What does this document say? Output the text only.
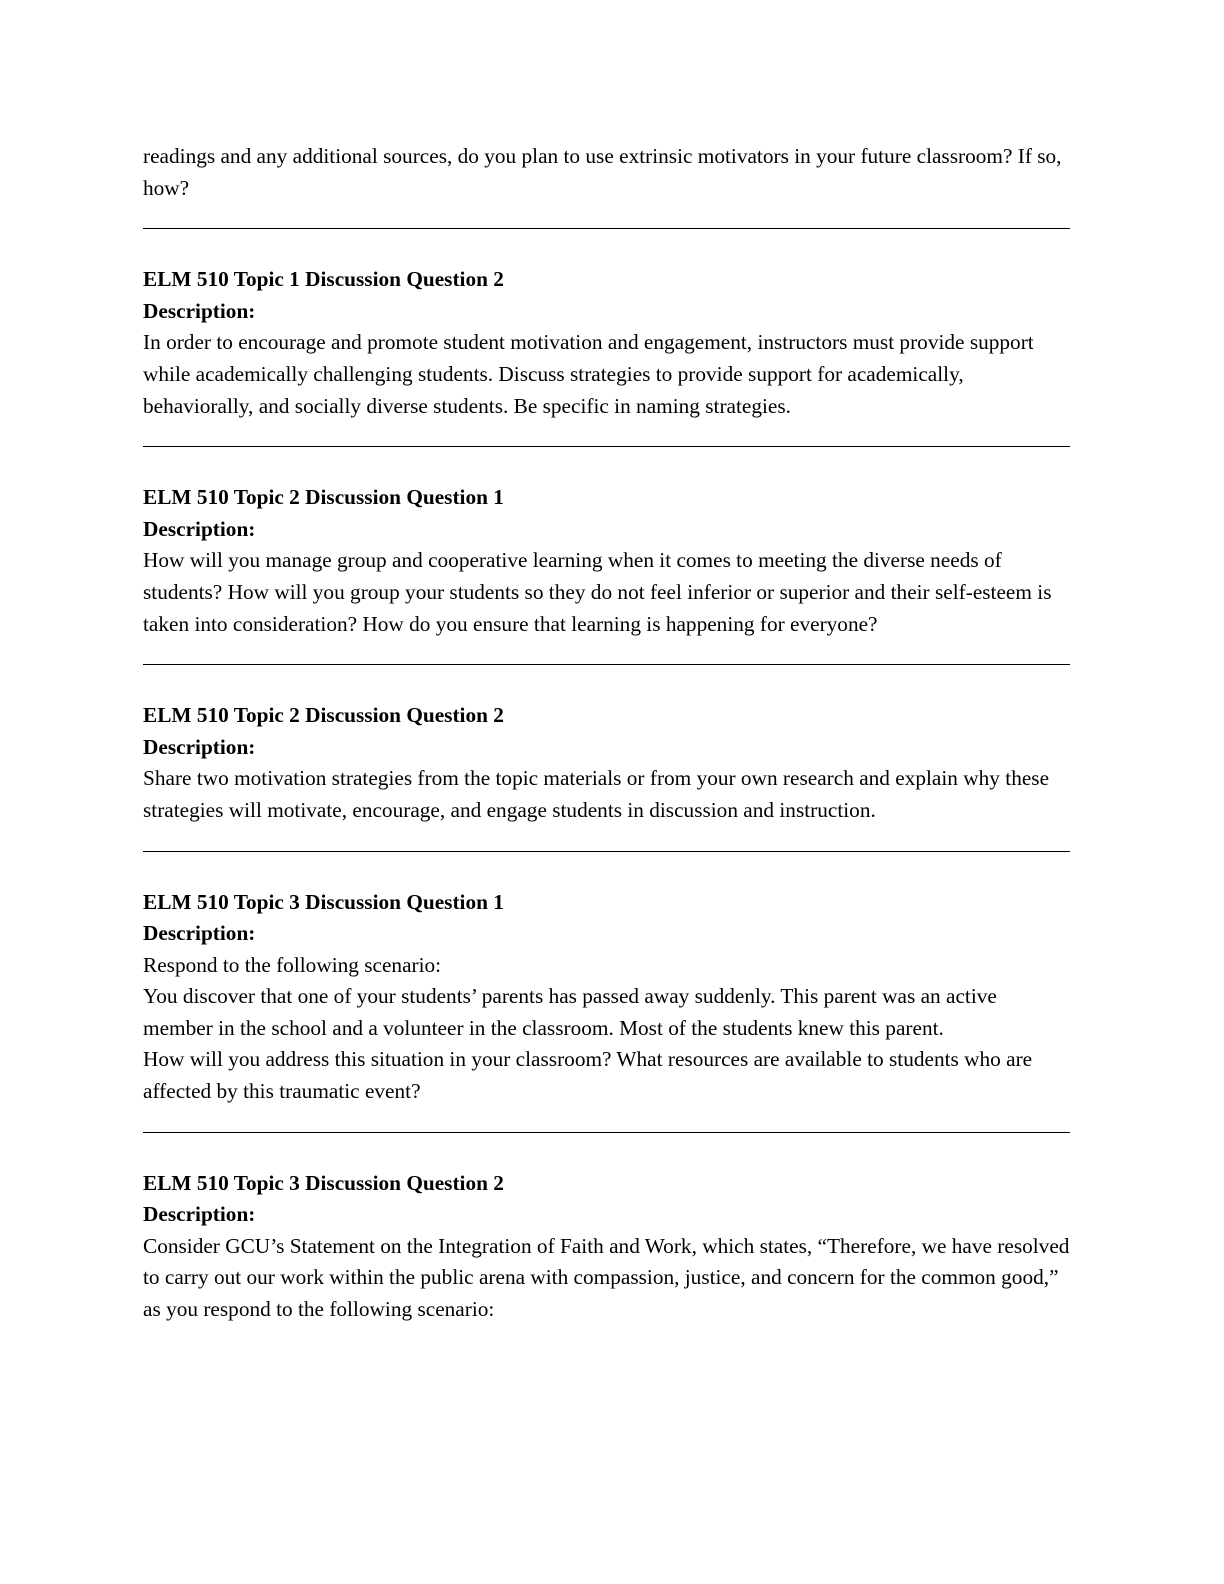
readings and any additional sources, do you plan to use extrinsic motivators in your future classroom? If so, how?

ELM 510 Topic 1 Discussion Question 2

Description:

In order to encourage and promote student motivation and engagement, instructors must provide support while academically challenging students. Discuss strategies to provide support for academically, behaviorally, and socially diverse students. Be specific in naming strategies.

ELM 510 Topic 2 Discussion Question 1

Description:

How will you manage group and cooperative learning when it comes to meeting the diverse needs of students? How will you group your students so they do not feel inferior or superior and their self-esteem is taken into consideration? How do you ensure that learning is happening for everyone?

ELM 510 Topic 2 Discussion Question 2

Description:

Share two motivation strategies from the topic materials or from your own research and explain why these strategies will motivate, encourage, and engage students in discussion and instruction.

ELM 510 Topic 3 Discussion Question 1

Description:

Respond to the following scenario:

You discover that one of your students’ parents has passed away suddenly. This parent was an active member in the school and a volunteer in the classroom. Most of the students knew this parent.

How will you address this situation in your classroom? What resources are available to students who are affected by this traumatic event?

ELM 510 Topic 3 Discussion Question 2

Description:

Consider GCU’s Statement on the Integration of Faith and Work, which states, “Therefore, we have resolved to carry out our work within the public arena with compassion, justice, and concern for the common good,” as you respond to the following scenario:
